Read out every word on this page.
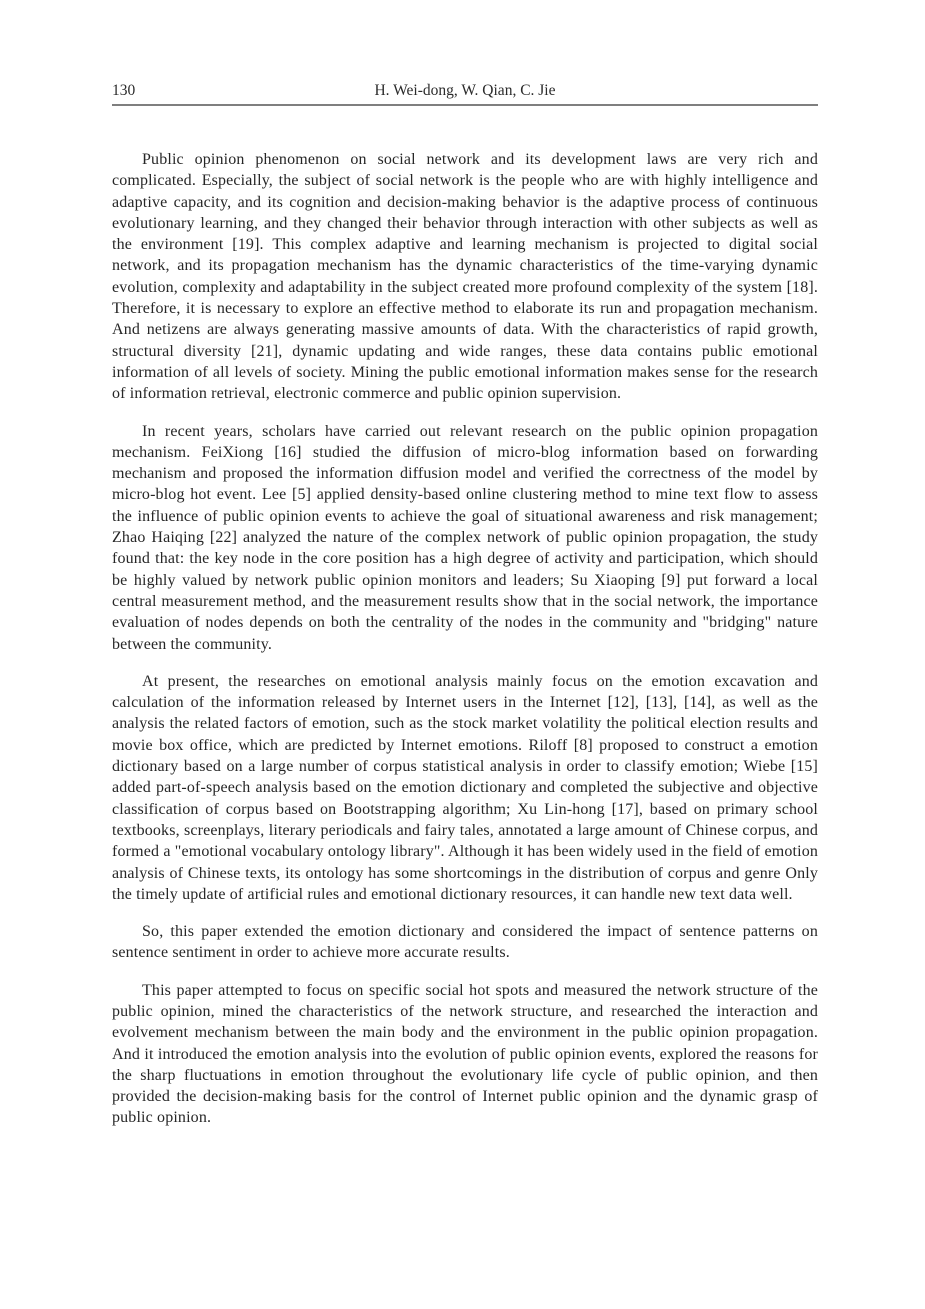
130	H. Wei-dong, W. Qian, C. Jie

Public opinion phenomenon on social network and its development laws are very rich and complicated. Especially, the subject of social network is the people who are with highly intelligence and adaptive capacity, and its cognition and decision-making behavior is the adaptive process of continuous evolutionary learning, and they changed their behavior through interaction with other subjects as well as the environment [19]. This complex adaptive and learning mechanism is projected to digital social network, and its propagation mechanism has the dynamic characteristics of the time-varying dynamic evolution, complexity and adaptability in the subject created more profound complexity of the system [18]. Therefore, it is necessary to explore an effective method to elaborate its run and propagation mechanism. And netizens are always generating massive amounts of data. With the characteristics of rapid growth, structural diversity [21], dynamic updating and wide ranges, these data contains public emotional information of all levels of society. Mining the public emotional information makes sense for the research of information retrieval, electronic commerce and public opinion supervision.

In recent years, scholars have carried out relevant research on the public opinion propagation mechanism. FeiXiong [16] studied the diffusion of micro-blog information based on forwarding mechanism and proposed the information diffusion model and verified the correctness of the model by micro-blog hot event. Lee [5] applied density-based online clustering method to mine text flow to assess the influence of public opinion events to achieve the goal of situational awareness and risk management; Zhao Haiqing [22] analyzed the nature of the complex network of public opinion propagation, the study found that: the key node in the core position has a high degree of activity and participation, which should be highly valued by network public opinion monitors and leaders; Su Xiaoping [9] put forward a local central measurement method, and the measurement results show that in the social network, the importance evaluation of nodes depends on both the centrality of the nodes in the community and "bridging" nature between the community.

At present, the researches on emotional analysis mainly focus on the emotion excavation and calculation of the information released by Internet users in the Internet [12], [13], [14], as well as the analysis the related factors of emotion, such as the stock market volatility the political election results and movie box office, which are predicted by Internet emotions. Riloff [8] proposed to construct a emotion dictionary based on a large number of corpus statistical analysis in order to classify emotion; Wiebe [15] added part-of-speech analysis based on the emotion dictionary and completed the subjective and objective classification of corpus based on Bootstrapping algorithm; Xu Lin-hong [17], based on primary school textbooks, screenplays, literary periodicals and fairy tales, annotated a large amount of Chinese corpus, and formed a "emotional vocabulary ontology library". Although it has been widely used in the field of emotion analysis of Chinese texts, its ontology has some shortcomings in the distribution of corpus and genre Only the timely update of artificial rules and emotional dictionary resources, it can handle new text data well.

So, this paper extended the emotion dictionary and considered the impact of sentence patterns on sentence sentiment in order to achieve more accurate results.

This paper attempted to focus on specific social hot spots and measured the network structure of the public opinion, mined the characteristics of the network structure, and researched the interaction and evolvement mechanism between the main body and the environment in the public opinion propagation. And it introduced the emotion analysis into the evolution of public opinion events, explored the reasons for the sharp fluctuations in emotion throughout the evolutionary life cycle of public opinion, and then provided the decision-making basis for the control of Internet public opinion and the dynamic grasp of public opinion.
